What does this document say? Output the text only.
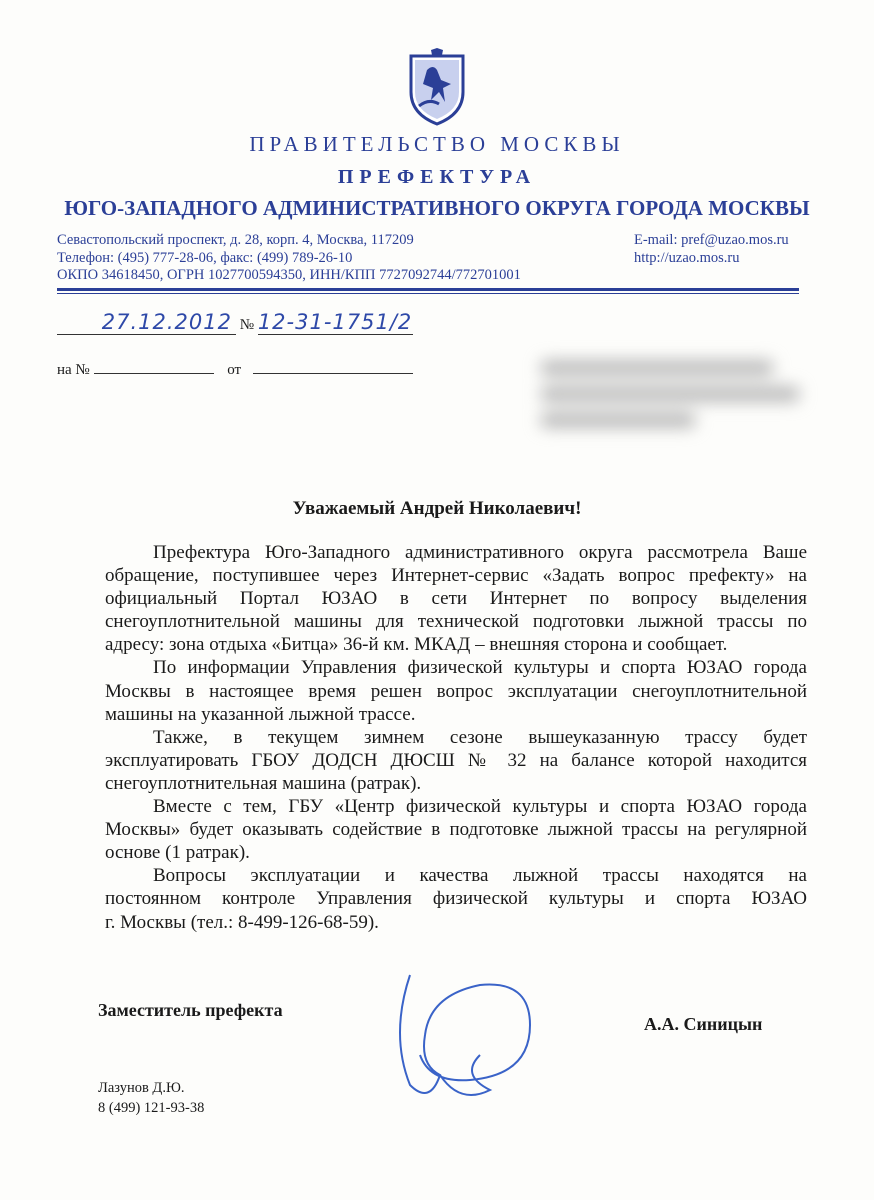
ПРАВИТЕЛЬСТВО МОСКВЫ
ПРЕФЕКТУРА
ЮГО-ЗАПАДНОГО АДМИНИСТРАТИВНОГО ОКРУГА ГОРОДА МОСКВЫ
Севастопольский проспект, д. 28, корп. 4, Москва, 117209
Телефон: (495) 777-28-06, факс: (499) 789-26-10
ОКПО 34618450, ОГРН 1027700594350, ИНН/КПП 7727092744/772701001
E-mail: pref@uzao.mos.ru
http://uzao.mos.ru
27.12.2012 № 12-31-1751/2
на №	от
Уважаемый Андрей Николаевич!
Префектура Юго-Западного административного округа рассмотрела Ваше
обращение, поступившее через Интернет-сервис «Задать вопрос префекту» на
официальный Портал ЮЗАО в сети Интернет по вопросу выделения
снегоуплотнительной машины для технической подготовки лыжной трассы по
адресу: зона отдыха «Битца» 36-й км. МКАД – внешняя сторона и сообщает.
По информации Управления физической культуры и спорта ЮЗАО города
Москвы в настоящее время решен вопрос эксплуатации снегоуплотнительной
машины на указанной лыжной трассе.
Также, в текущем зимнем сезоне вышеуказанную трассу будет
эксплуатировать ГБОУ ДОДСН ДЮСШ № 32 на балансе которой находится
снегоуплотнительная машина (ратрак).
Вместе с тем, ГБУ «Центр физической культуры и спорта ЮЗАО города
Москвы» будет оказывать содействие в подготовке лыжной трассы на регулярной
основе (1 ратрак).
Вопросы эксплуатации и качества лыжной трассы находятся на
постоянном контроле Управления физической культуры и спорта ЮЗАО
г. Москвы (тел.: 8-499-126-68-59).
Заместитель префекта
А.А. Синицын
Лазунов Д.Ю.
8 (499) 121-93-38
